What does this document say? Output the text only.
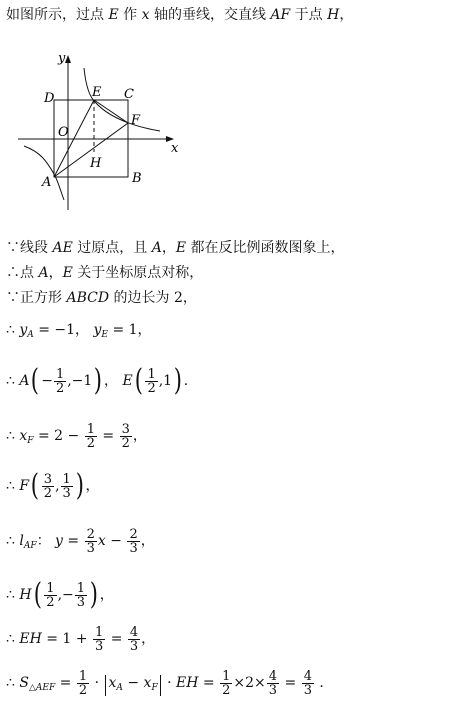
如图所示，过点 E 作 x 轴的垂线，交直线 AF 于点 H，
y
x
D	E C
O
F
H
A	B
∵线段 AE 过原点，且 A，E 都在反比例函数图象上，
∴点 A，E 关于坐标原点对称，
∵正方形 ABCD 的边长为 2，
∴ $y_A = -1$， $y_E = 1$，
∴ $A( - \frac{1}{2} ,-1)$ ， $E( \frac{1}{2} ,1)$ .
∴ $x_F = 2 - \frac{1}{2} = \frac{3}{2}$ ，
∴ $F( \frac{3}{2}$ , $\frac{1}{3}$ ) ，
∴ $l_{AF}$： $y = \frac{2}{3}$ $x - \frac{2}{3}$ ，
∴ $H( \frac{1}{2}$ ,− $\frac{1}{3}$ ) ，
∴ EH = $1 + \frac{1}{3} = \frac{4}{3}$ ，
∴ $S_{\triangle AEF} = \frac{1}{2} \cdot x_A - x_F$ · EH = $\frac{1}{2} \times 2\times \frac{4}{3} = \frac{4}{3}$ .
